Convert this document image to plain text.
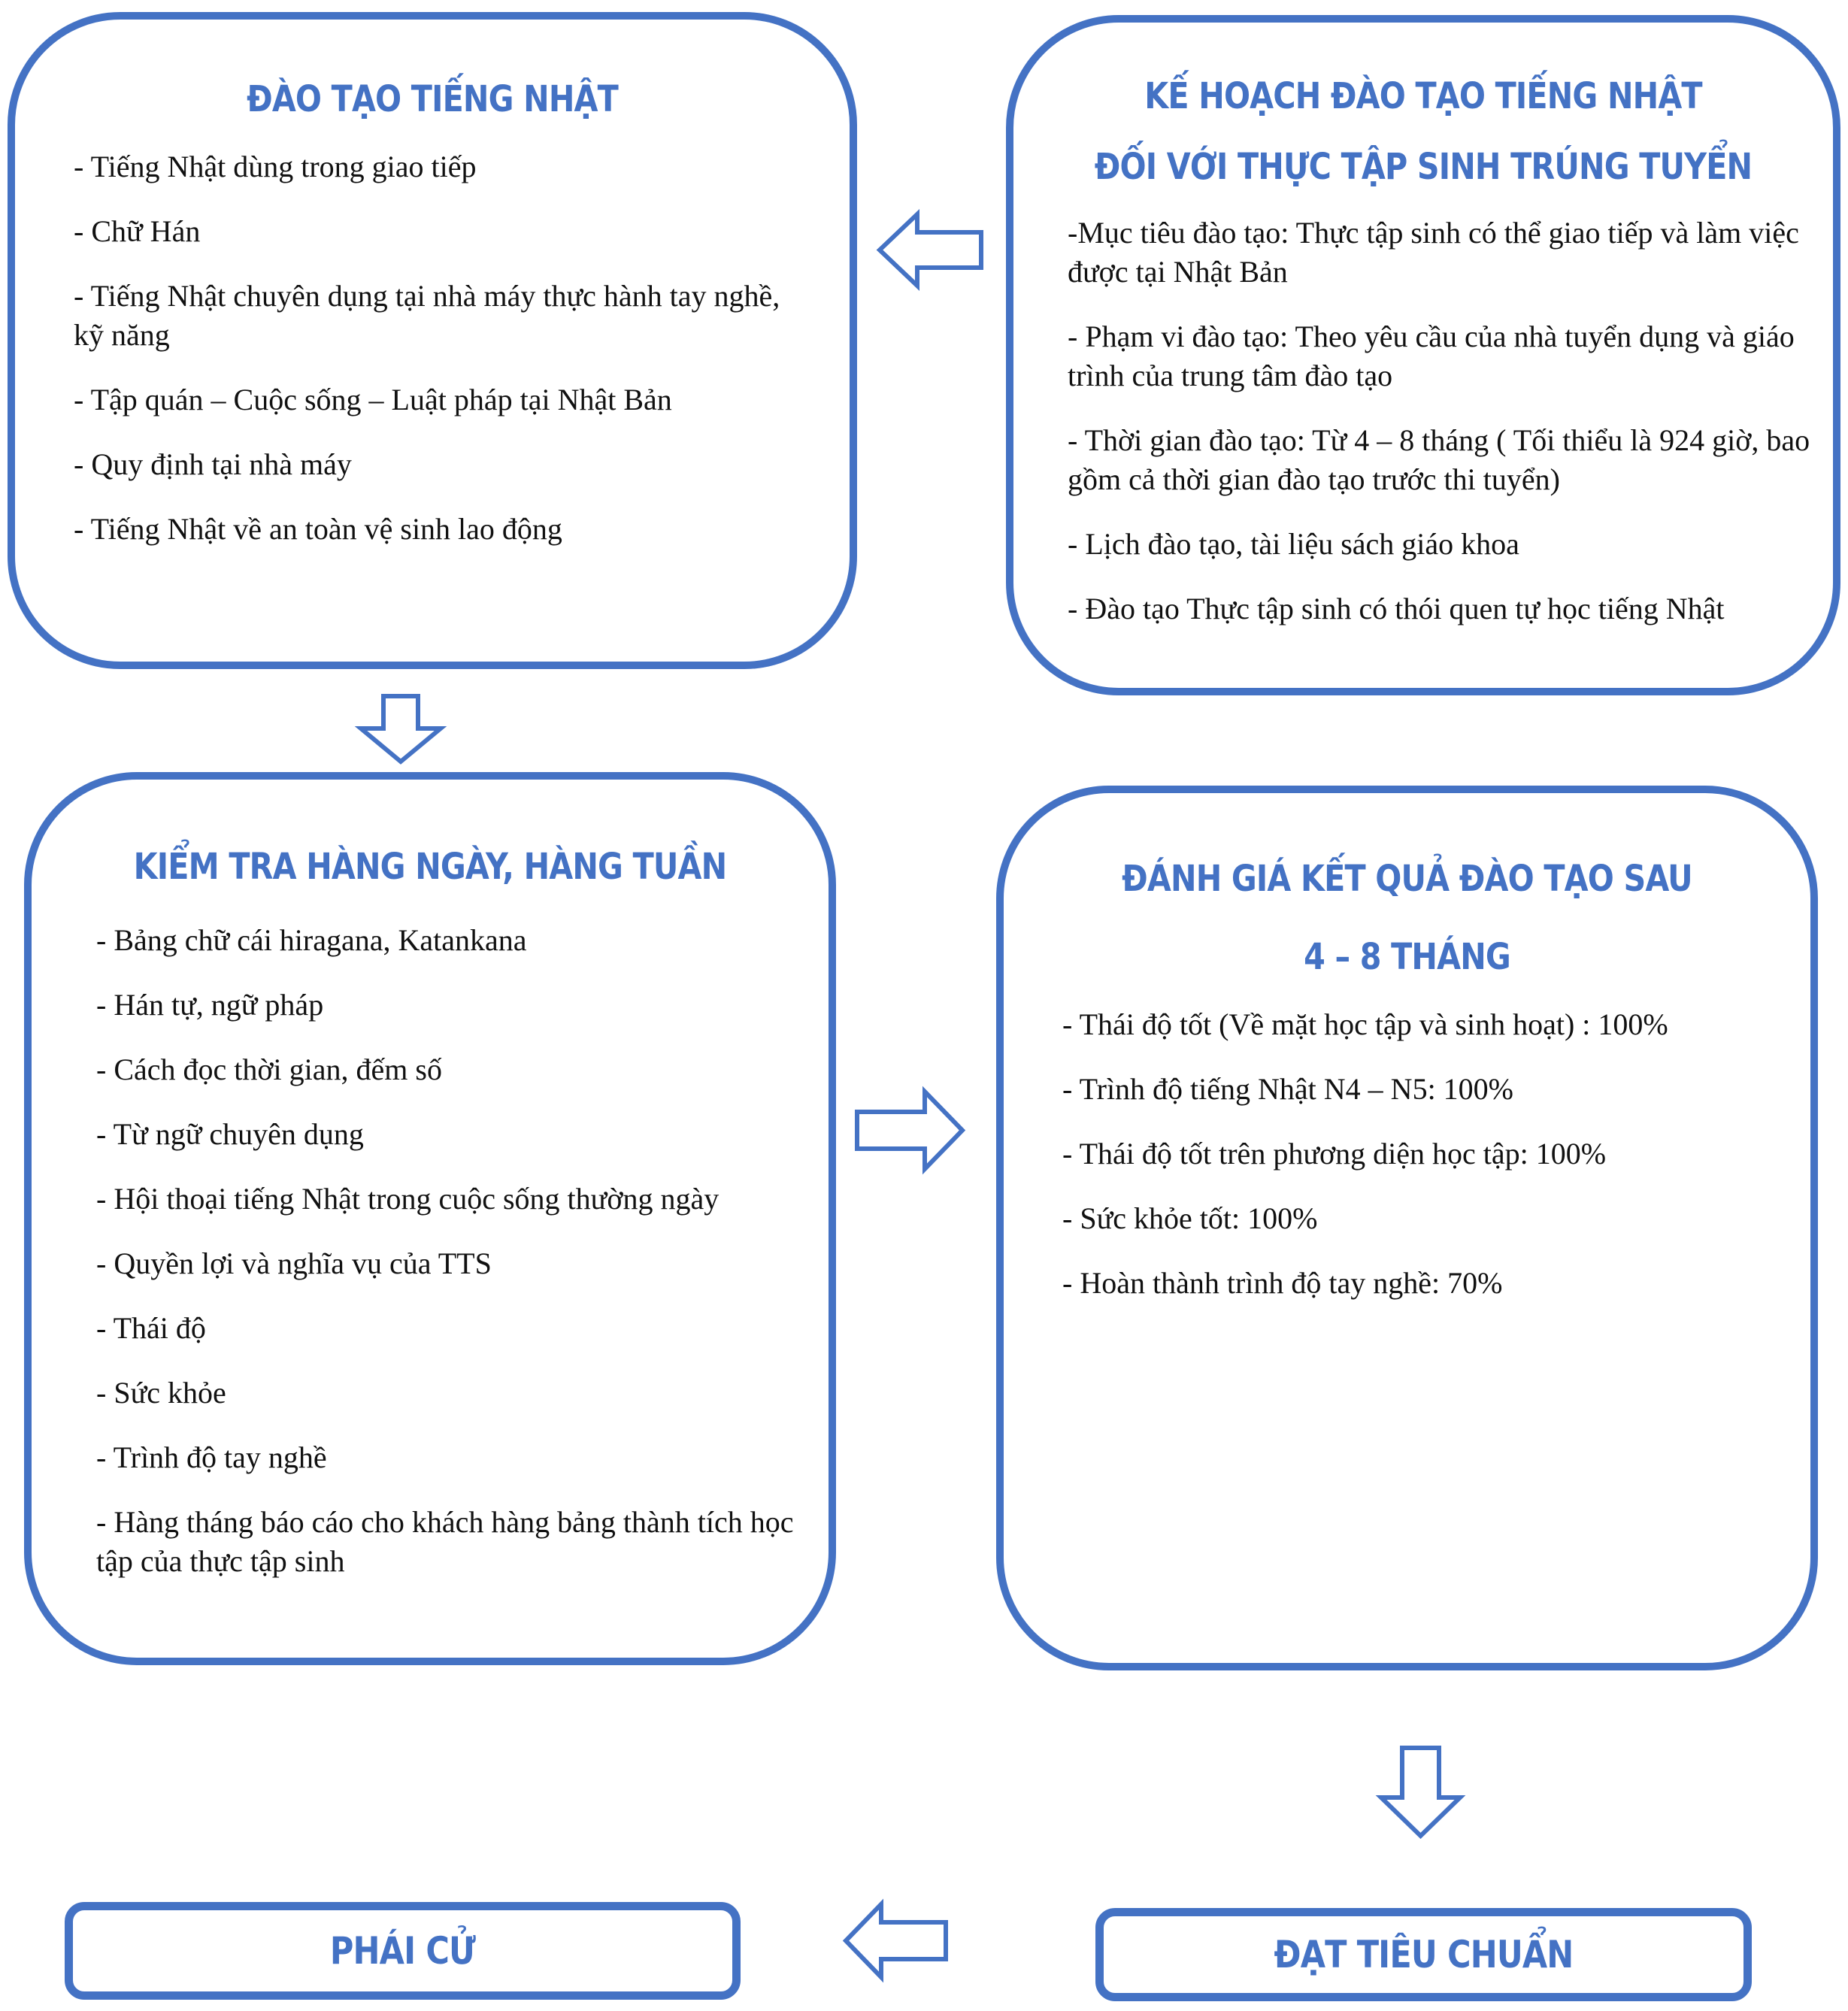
ĐÀO TẠO TIẾNG NHẬT
- Tiếng Nhật dùng trong giao tiếp
- Chữ Hán
- Tiếng Nhật chuyên dụng tại nhà máy thực hành tay nghề, kỹ năng
- Tập quán – Cuộc sống – Luật pháp tại Nhật Bản
- Quy định tại nhà máy
- Tiếng Nhật về an toàn vệ sinh lao động
KẾ HOẠCH ĐÀO TẠO TIẾNG NHẬT
ĐỐI VỚI THỰC TẬP SINH TRÚNG TUYỂN
-Mục tiêu đào tạo: Thực tập sinh có thể giao tiếp và làm việc được tại Nhật Bản
- Phạm vi đào tạo: Theo yêu cầu của nhà tuyển dụng và giáo trình của trung tâm đào tạo
- Thời gian đào tạo: Từ 4 – 8 tháng ( Tối thiểu là 924 giờ, bao gồm cả thời gian đào tạo trước thi tuyển)
- Lịch đào tạo, tài liệu sách giáo khoa
- Đào tạo Thực tập sinh có thói quen tự học tiếng Nhật
KIỂM TRA HÀNG NGÀY, HÀNG TUẦN
- Bảng chữ cái hiragana, Katankana
- Hán tự, ngữ pháp
- Cách đọc thời gian, đếm số
- Từ ngữ chuyên dụng
- Hội thoại tiếng Nhật trong cuộc sống thường ngày
- Quyền lợi và nghĩa vụ của TTS
- Thái độ
- Sức khỏe
- Trình độ tay nghề
- Hàng tháng báo cáo cho khách hàng bảng thành tích học tập của thực tập sinh
ĐÁNH GIÁ KẾT QUẢ ĐÀO TẠO SAU
4 – 8 THÁNG
- Thái độ tốt (Về mặt học tập và sinh hoạt) : 100%
- Trình độ tiếng Nhật N4 – N5: 100%
- Thái độ tốt trên phương diện học tập: 100%
- Sức khỏe tốt: 100%
- Hoàn thành trình độ tay nghề: 70%
PHÁI CỬ	ĐẠT TIÊU CHUẨN
